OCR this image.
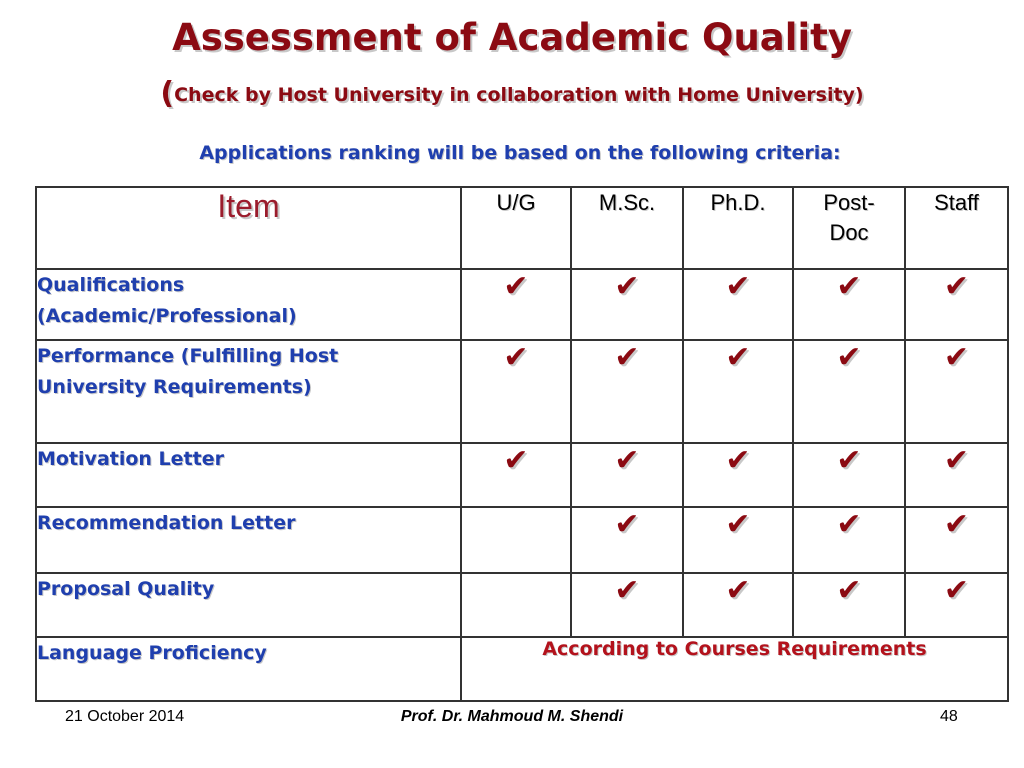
Assessment of Academic Quality
(Check by Host University in collaboration with Home University)
Applications ranking will be based on the following criteria:
Item	U/G	M.Sc.	Ph.D.	Post-Doc	Staff
Qualifications (Academic/Professional)	✔	✔	✔	✔	✔
Performance (Fulfilling Host University Requirements)	✔	✔	✔	✔	✔
Motivation Letter	✔	✔	✔	✔	✔
Recommendation Letter		✔	✔	✔	✔
Proposal Quality		✔	✔	✔	✔
Language Proficiency	According to Courses Requirements				
21 October 2014	Prof. Dr. Mahmoud M. Shendi	48
